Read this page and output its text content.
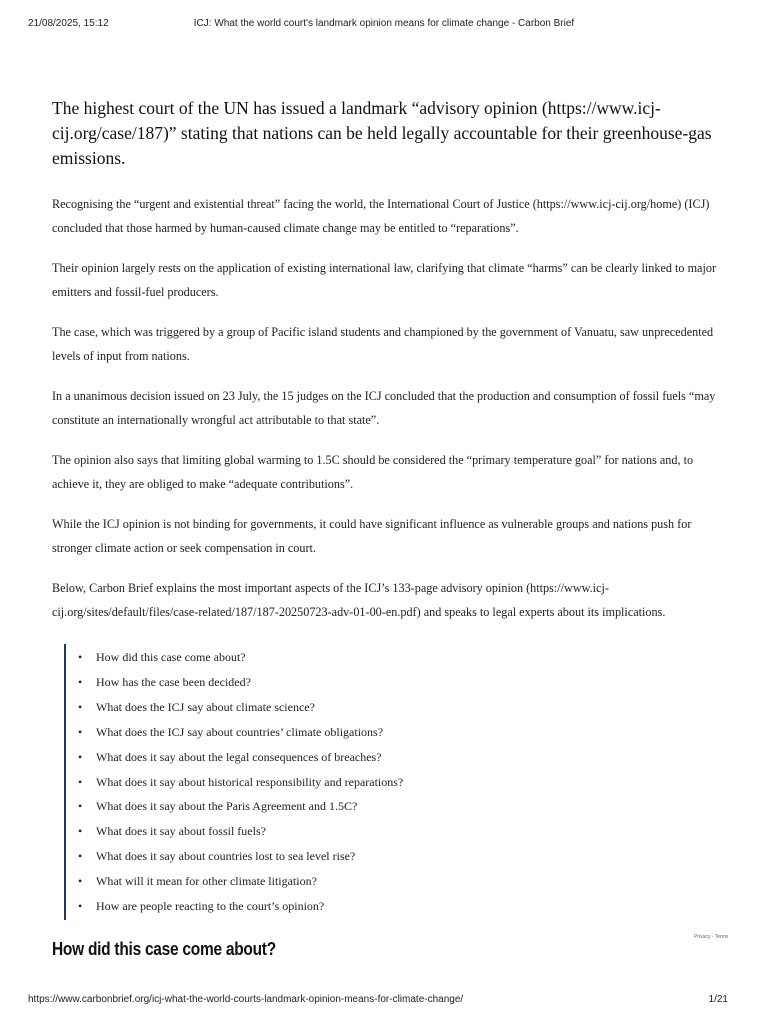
21/08/2025, 15:12	ICJ: What the world court's landmark opinion means for climate change - Carbon Brief

The highest court of the UN has issued a landmark “advisory opinion (https://www.icj-cij.org/case/187)” stating that nations can be held legally accountable for their greenhouse-gas emissions.

Recognising the “urgent and existential threat” facing the world, the International Court of Justice (https://www.icj-cij.org/home) (ICJ) concluded that those harmed by human-caused climate change may be entitled to “reparations”.

Their opinion largely rests on the application of existing international law, clarifying that climate “harms” can be clearly linked to major emitters and fossil-fuel producers.

The case, which was triggered by a group of Pacific island students and championed by the government of Vanuatu, saw unprecedented levels of input from nations.

In a unanimous decision issued on 23 July, the 15 judges on the ICJ concluded that the production and consumption of fossil fuels “may constitute an internationally wrongful act attributable to that state”.

The opinion also says that limiting global warming to 1.5C should be considered the “primary temperature goal” for nations and, to achieve it, they are obliged to make “adequate contributions”.

While the ICJ opinion is not binding for governments, it could have significant influence as vulnerable groups and nations push for stronger climate action or seek compensation in court.

Below, Carbon Brief explains the most important aspects of the ICJ’s 133-page advisory opinion (https://www.icj-cij.org/sites/default/files/case-related/187/187-20250723-adv-01-00-en.pdf) and speaks to legal experts about its implications.

• How did this case come about?
• How has the case been decided?
• What does the ICJ say about climate science?
• What does the ICJ say about countries’ climate obligations?
• What does it say about the legal consequences of breaches?
• What does it say about historical responsibility and reparations?
• What does it say about the Paris Agreement and 1.5C?
• What does it say about fossil fuels?
• What does it say about countries lost to sea level rise?
• What will it mean for other climate litigation?
• How are people reacting to the court’s opinion?
How did this case come about?
Privacy - Terms
https://www.carbonbrief.org/icj-what-the-world-courts-landmark-opinion-means-for-climate-change/	1/21
